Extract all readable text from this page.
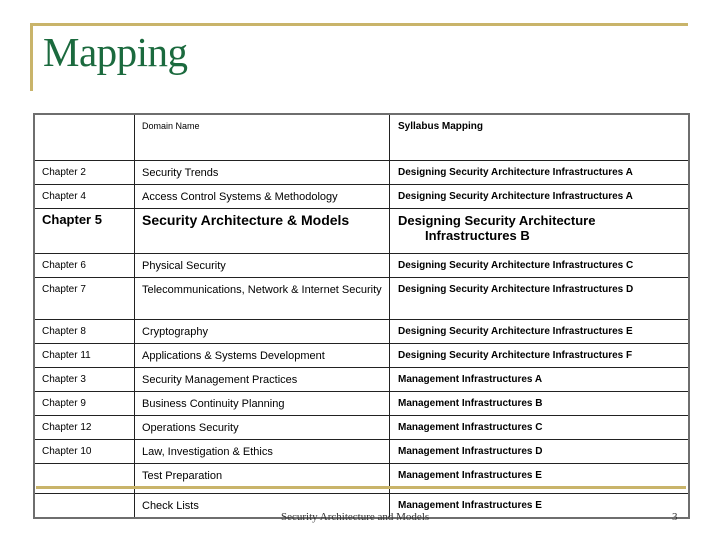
Mapping
	Domain Name	Syllabus Mapping
Chapter 2	Security Trends	Designing Security Architecture Infrastructures A
Chapter 4	Access Control Systems & Methodology	Designing Security Architecture Infrastructures A
Chapter 5	Security Architecture & Models	Designing Security Architecture
Infrastructures B

Chapter 6	Physical Security	Designing Security Architecture Infrastructures C
Chapter 7	Telecommunications, Network & Internet Security	Designing Security Architecture Infrastructures D
Chapter 8	Cryptography	Designing Security Architecture Infrastructures E
Chapter 11	Applications & Systems Development	Designing Security Architecture Infrastructures F
Chapter 3	Security Management Practices	Management Infrastructures A
Chapter 9	Business Continuity Planning	Management Infrastructures B
Chapter 12	Operations Security	Management Infrastructures C
Chapter 10	Law, Investigation & Ethics	Management Infrastructures D
	Test Preparation	Management Infrastructures E
	Check Lists	Management Infrastructures E
Security Architecture and Models	3
